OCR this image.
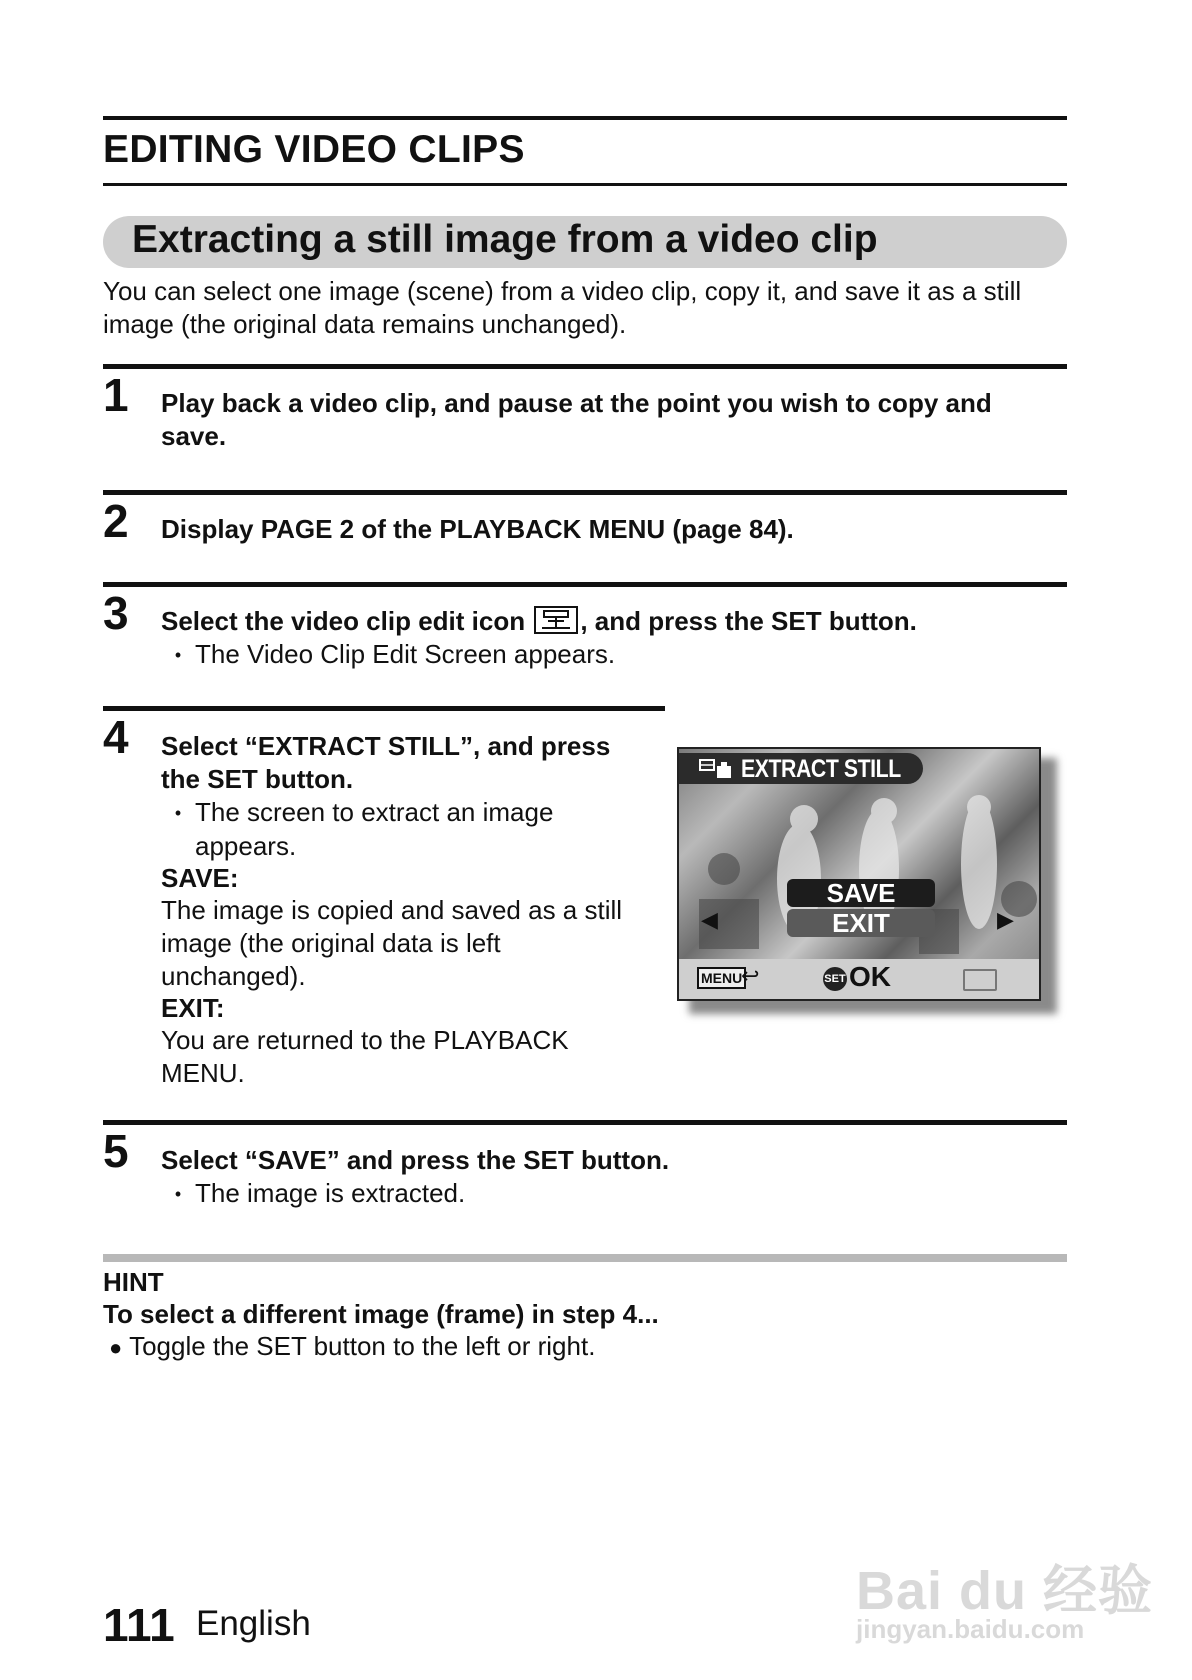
EDITING VIDEO CLIPS
Extracting a still image from a video clip
You can select one image (scene) from a video clip, copy it, and save it as a still image (the original data remains unchanged).
1 Play back a video clip, and pause at the point you wish to copy and save.
2 Display PAGE 2 of the PLAYBACK MENU (page 84).
3 Select the video clip edit icon , and press the SET button.
• The Video Clip Edit Screen appears.
4 Select “EXTRACT STILL”, and press the SET button.
• The screen to extract an image appears.
SAVE:
The image is copied and saved as a still image (the original data is left unchanged).
EXIT:
You are returned to the PLAYBACK MENU.
EXTRACT STILL
SAVE
EXIT
◀	▶
MENU
↩	SET OK
5 Select “SAVE” and press the SET button.
• The image is extracted.
HINT
To select a different image (frame) in step 4...
● Toggle the SET button to the left or right.
111 English
Bai du 经验
jingyan.baidu.com
